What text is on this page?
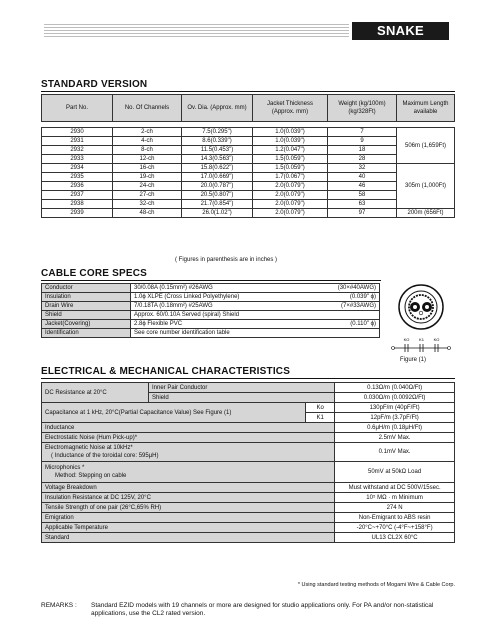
SNAKE CABLES
STANDARD VERSION
Part No.	No. Of Channels	Ov. Dia. (Approx. mm)	Jacket Thickness (Approx. mm)	Weight (kg/100m)(kg/328Ft)	Maximum Length available

2930	2-ch	7.5(0.295")	1.0(0.039")	7	506m (1,659Ft)
2931	4-ch	8.6(0.339")	1.0(0.039")	9	
2932	8-ch	11.5(0.453")	1.2(0.047")	18	
2933	12-ch	14.3(0.563")	1.5(0.059")	28	
2934	16-ch	15.8(0.622")	1.5(0.059")	32	305m (1,000Ft)
2935	19-ch	17.0(0.669")	1.7(0.067")	40	
2936	24-ch	20.0(0.787")	2.0(0.079")	46	
2937	27-ch	20.5(0.807")	2.0(0.079")	58	
2938	32-ch	21.7(0.854")	2.0(0.079")	63	
2939	48-ch	26.0(1.02")	2.0(0.079")	97	200m (656Ft)
( Figures in parenthesis are in inches )
CABLE CORE SPECS
Conductor	30/0.08A (0.15mm²) #26AWG (30×#40AWG)

Insulation	1.0ϕ XLPE (Cross Linked Polyethylene) (0.039" ϕ)

Drain Wire	7/0.18TA (0.18mm²) #25AWG (7×#33AWG)

Shield	Approx. 60/0.10A Served (spiral) Shield
Jacket(Covering)	2.8ϕ Flexible PVC (0.110" ϕ)

Identification	See core number identification table
KO K1 KO
Figure (1)
ELECTRICAL & MECHANICAL CHARACTERISTICS
DC Resistance at 20°C	Inner Pair Conductor		0.13Ω/m (0.040Ω/Ft)
	Shield		0.030Ω/m (0.0092Ω/Ft)
Capacitance at 1 kHz, 20°C(Partial Capacitance Value) See Figure (1)		Ko	130pF/m (40pF/Ft)
		K1	12pF/m (3.7pF/Ft)
Inductance			0.6μH/m (0.18μH/Ft)
Electrostatic Noise (Hum Pick-up)*			2.5mV Max.

Electromagnetic Noise at 10kHz*
( Inductance of the toroidal core: 595μH)			0.1mV Max.

Microphonics *
Method: Stepping on cable			50mV at 50kΩ Load
Voltage Breakdown			Must withstand at DC 500V/15sec.
Insulation Resistance at DC 125V, 20°C			10⁵ MΩ · m Minimum
Tensile Strength of one pair (26°C,65% RH)			274 N
Emigration			Non-Emigrant to ABS resin
Applicable Temperature			-20°C~+70°C (-4°F~+158°F)
Standard			UL13 CL2X 60°C
* Using standard testing methods of Mogami Wire & Cable Corp.
REMARKS : Standard EZID models with 19 channels or more are designed for studio applications only. For PA and/or non-statistical applications, use the CL2 rated version.
